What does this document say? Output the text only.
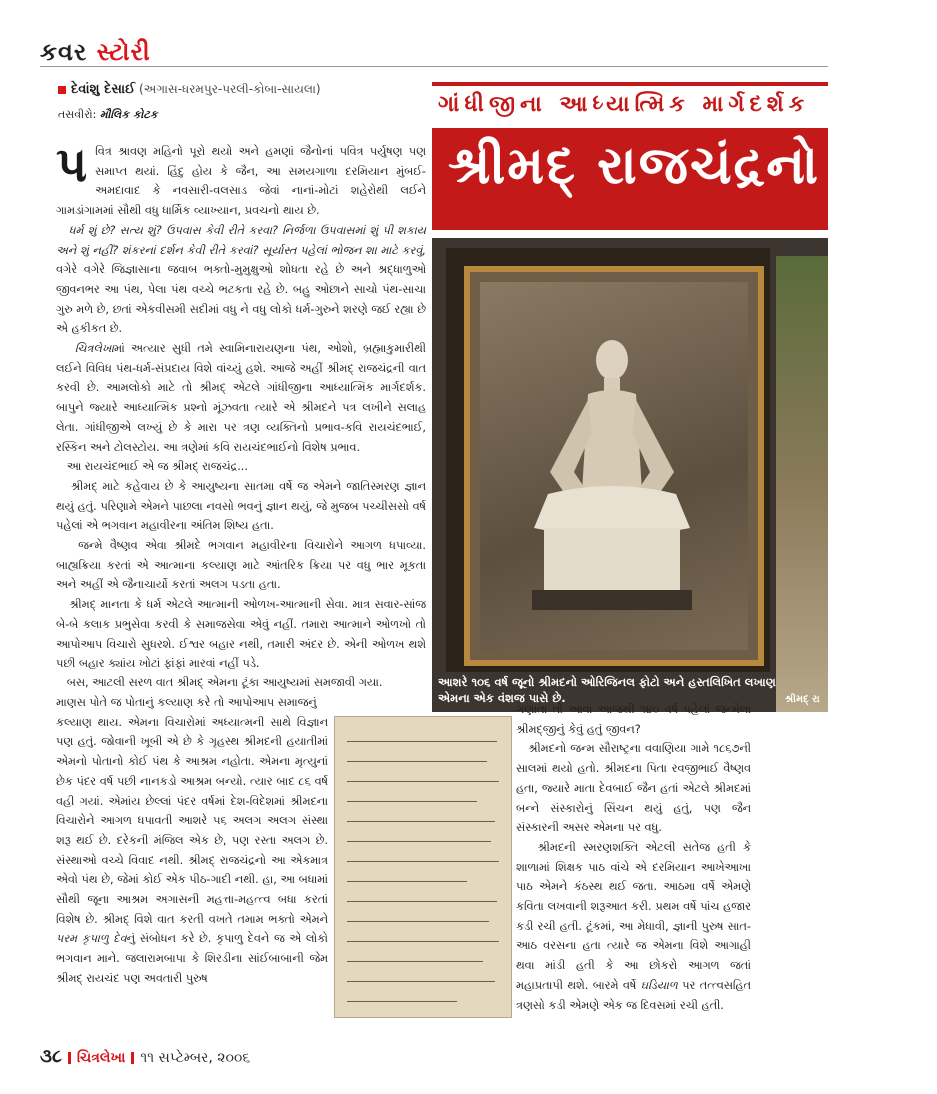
કવર સ્ટોરી
દેવાંશુ દેસાઈ (અગાસ-ધરમપુર-પરલી-કોબા-સાયલા)
તસવીરો: મૌલિક કોટક	ગાંધીજીના આધ્યાત્મિક માર્ગદર્શક
શ્રીમદ્ રાજચંદ્રનો દેશ-
આશરે ૧૦૬ વર્ષ જૂનો શ્રીમદનો ઓરિજિનલ ફોટો અને હસ્તલિખિત લખાણ એમના એક વંશજ પાસે છે.	શ્રીમદ્ રા
પ વિત્ર શ્રાવણ મહિનો પૂરો થયો અને હમણાં જૈનોનાં પવિત્ર પર્યુષણ પણ સમાપ્ત થયાં. હિંદુ હોય કે જૈન, આ સમયગાળા દરમિયાન મુંબઈ-અમદાવાદ કે નવસારી-વલસાડ જેવાં નાનાં-મોટાં શહેરોથી લઈને ગામડાંગામમાં સૌથી વધુ ધાર્મિક વ્યાખ્યાન, પ્રવચનો થાય છે.

ધર્મ શું છે? સત્ય શું? ઉપવાસ કેવી રીતે કરવા? નિર્જળા ઉપવાસમાં શું પી શકાય અને શું નહીં? શંકરનાં દર્શન કેવી રીતે કરવાં? સૂર્યાસ્ત પહેલાં ભોજન શા માટે કરવું, વગેરે વગેરે જિજ્ઞાસાના જવાબ ભક્તો-મુમુક્ષુઓ શોધતા રહે છે અને શ્રદ્ધાળુઓ જીવનભર આ પંથ, પેલા પંથ વચ્ચે ભટકતા રહે છે. બહુ ઓછાને સાચો પંથ-સાચા ગુરુ મળે છે, છતાં એકવીસમી સદીમાં વધુ ને વધુ લોકો ધર્મ-ગુરુને શરણે જઈ રહ્યા છે એ હકીકત છે.

ચિત્રલેખામાં અત્યાર સુધી તમે સ્વામિનારાયણના પંથ, ઓશો, બ્રહ્માકુમારીથી લઈને વિવિધ પંથ-ધર્મ-સંપ્રદાય વિશે વાંચ્યું હશે. આજે અહીં શ્રીમદ્ રાજચંદ્રની વાત કરવી છે. આમલોકો માટે તો શ્રીમદ્ એટલે ગાંધીજીના આધ્યાત્મિક માર્ગદર્શક. બાપુને જ્યારે આધ્યાત્મિક પ્રશ્નો મૂંઝવતા ત્યારે એ શ્રીમદને પત્ર લખીને સલાહ લેતા. ગાંધીજીએ લખ્યું છે કે મારા પર ત્રણ વ્યક્તિનો પ્રભાવ-કવિ રાયચંદભાઈ, રસ્કિન અને ટોલસ્ટોય. આ ત્રણેમાં કવિ રાયચંદભાઈનો વિશેષ પ્રભાવ.

આ રાયચંદભાઈ એ જ શ્રીમદ્ રાજચંદ્ર...

શ્રીમદ્ માટે કહેવાય છે કે આયુષ્યના સાતમા વર્ષે જ એમને જાતિસ્મરણ જ્ઞાન થયું હતું. પરિણામે એમને પાછલા નવસો ભવનું જ્ઞાન થયું, જે મુજબ પચ્ચીસસો વર્ષ પહેલાં એ ભગવાન મહાવીરના અંતિમ શિષ્ય હતા.

જન્મે વૈષ્ણવ એવા શ્રીમદે ભગવાન મહાવીરના વિચારોને આગળ ધપાવ્યા. બાહ્યક્રિયા કરતાં એ આત્માના કલ્યાણ માટે આંતરિક ક્રિયા પર વધુ ભાર મૂકતા અને અહીં એ જૈનાચાર્યો કરતાં અલગ પડતા હતા.

શ્રીમદ્ માનતા કે ધર્મ એટલે આત્માની ઓળખ-આત્માની સેવા. માત્ર સવાર-સાંજ બે-બે કલાક પ્રભુસેવા કરવી કે સમાજસેવા એવું નહીં. તમારા આત્માને ઓળખો તો આપોઆપ વિચારો સુધરશે. ઈશ્વર બહાર નથી, તમારી અંદર છે. એની ઓળખ થશે પછી બહાર ક્યાંય ખોટાં ફાંફાં મારવાં નહીં પડે.

બસ, આટલી સરળ વાત શ્રીમદ્ એમના ટૂંકા આયુષ્યમાં સમજાવી ગયા.

માણસ પોતે જ પોતાનું કલ્યાણ કરે તો આપોઆપ સમાજનું

કલ્યાણ થાય. એમના વિચારોમાં અધ્યાત્મની સાથે વિજ્ઞાન પણ હતું. જોવાની ખૂબી એ છે કે ગૃહસ્થ શ્રીમદની હયાતીમાં એમનો પોતાનો કોઈ પંથ કે આશ્રમ નહોતા. એમના મૃત્યુનાં છેક પંદર વર્ષ પછી નાનકડો આશ્રમ બન્યો. ત્યાર બાદ ૮૬ વર્ષ વહી ગયાં. એમાંય છેલ્લાં પંદર વર્ષમાં દેશ-વિદેશમાં શ્રીમદના વિચારોને આગળ ધપાવતી આશરે ૫૬ અલગ અલગ સંસ્થા શરૂ થઈ છે. દરેકની મંજિલ એક છે, પણ રસ્તા અલગ છે. સંસ્થાઓ વચ્ચે વિવાદ નથી. શ્રીમદ્ રાજચંદ્રનો આ એકમાત્ર એવો પંથ છે, જેમાં કોઈ એક પીઠ-ગાદી નથી. હા, આ બધામાં સૌથી જૂના આશ્રમ અગાસની મહત્તા-મહત્ત્વ બધા કરતાં વિશેષ છે. શ્રીમદ્ વિશે વાત કરતી વખતે તમામ ભક્તો એમને પરમ કૃપાળુ દેવનું સંબોધન કરે છે. કૃપાળુ દેવને જ એ લોકો ભગવાન માને. જલારામબાપા કે શિરડીના સાંઈબાબાની જેમ શ્રીમદ્ રાયચંદ પણ અવતારી પુરુષ

ગણાતા તો આવા આજથી ૧૪૦ વર્ષ પહેલાં જન્મેલા શ્રીમદ્જીનું કેવું હતું જીવન?

શ્રીમદનો જન્મ સૌરાષ્ટ્રના વવાણિયા ગામે ૧૮૬૭ની સાલમાં થયો હતો. શ્રીમદના પિતા રવજીભાઈ વૈષ્ણવ હતા, જ્યારે માતા દેવબાઈ જૈન હતાં એટલે શ્રીમદમાં બન્ને સંસ્કારોનું સિંચન થયું હતું, પણ જૈન સંસ્કારની અસર એમના પર વધુ.

શ્રીમદની સ્મરણશક્તિ એટલી સતેજ હતી કે શાળામાં શિક્ષક પાઠ વાંચે એ દરમિયાન આખેઆખા પાઠ એમને કંઠસ્થ થઈ જતા. આઠમા વર્ષે એમણે કવિતા લખવાની શરૂઆત કરી. પ્રથમ વર્ષે પાંચ હજાર કડી રચી હતી. ટૂંકમાં, આ મેધાવી, જ્ઞાની પુરુષ સાત-આઠ વરસના હતા ત્યારે જ એમના વિશે આગાહી થવા માંડી હતી કે આ છોકરો આગળ જતાં મહાપ્રતાપી થશે. બારમે વર્ષે ઘડિયાળ પર તત્ત્વસહિત ત્રણસો કડી એમણે એક જ દિવસમાં રચી હતી.

૩૮ ચિત્રલેખા ૧૧ સપ્ટેમ્બર, ૨૦૦૬
